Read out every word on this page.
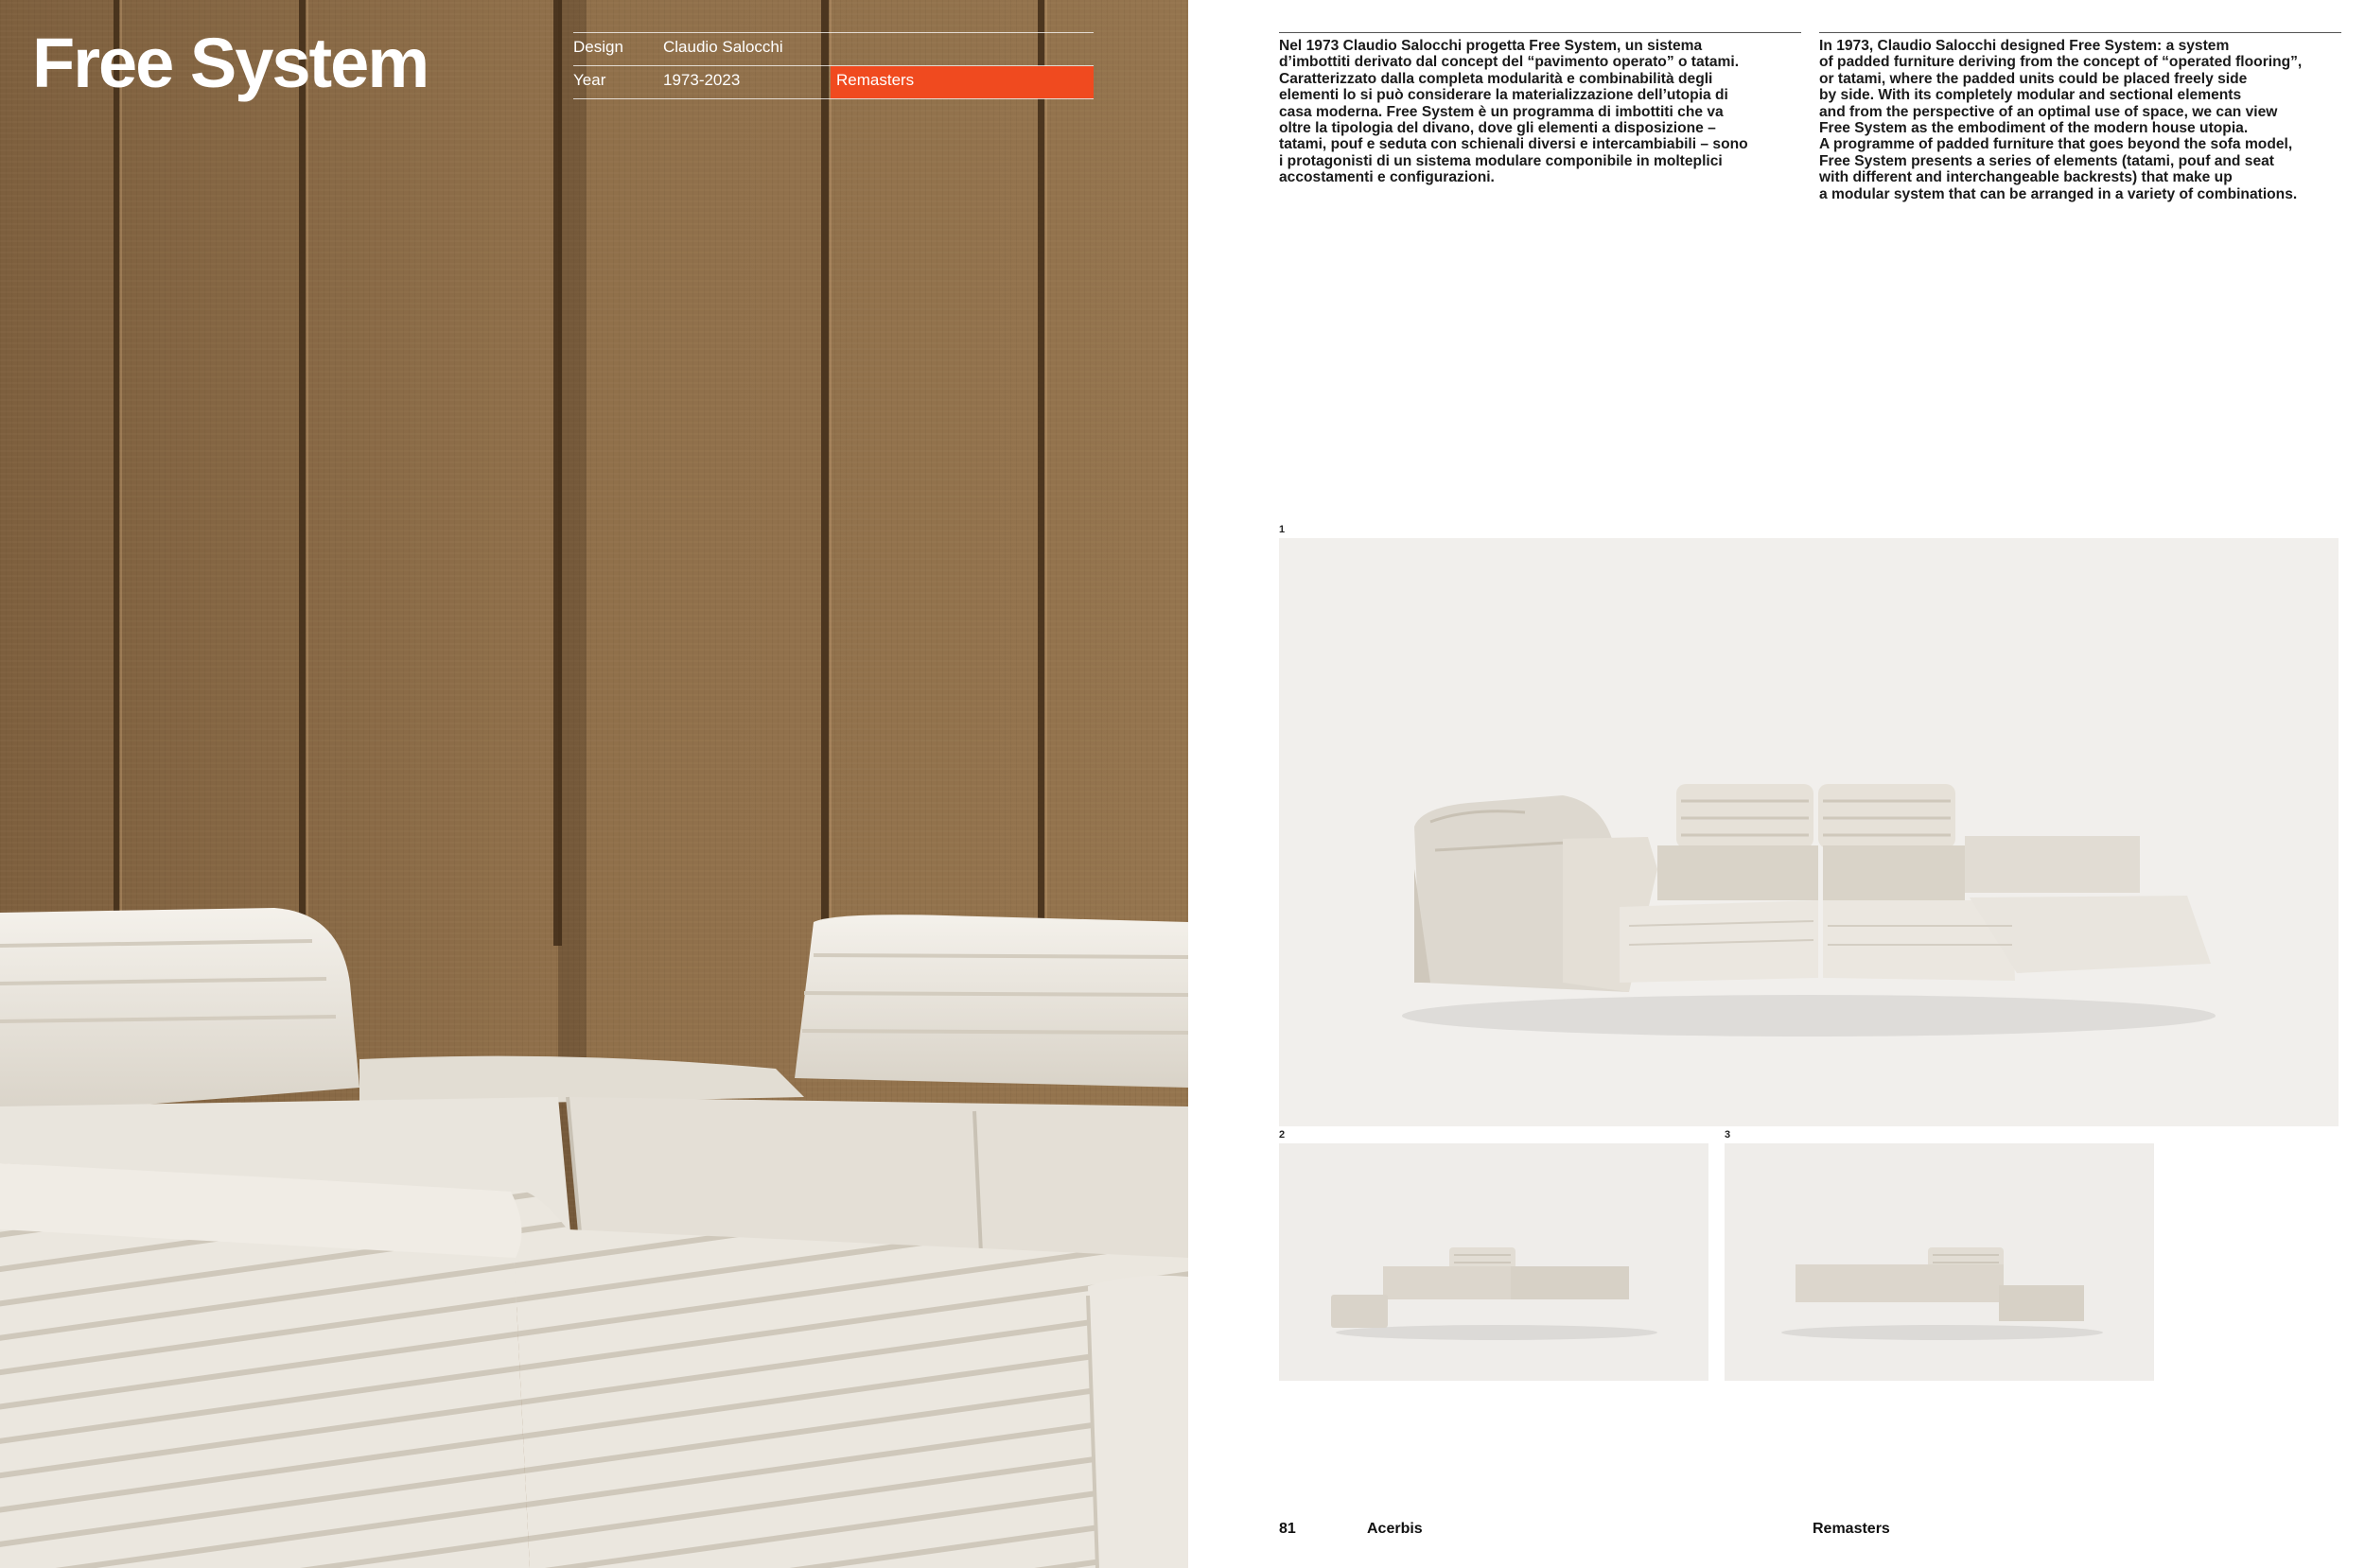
Free System	Design Claudio Salocchi
Year	1973-2023	Remasters
Nel 1973 Claudio Salocchi progetta Free System, un sistema
d’imbottiti derivato dal concept del “pavimento operato” o tatami.
Caratterizzato dalla completa modularità e combinabilità degli
elementi lo si può considerare la materializzazione dell’utopia di
casa moderna. Free System è un programma di imbottiti che va
oltre la tipologia del divano, dove gli elementi a disposizione –
tatami, pouf e seduta con schienali diversi e intercambiabili – sono
i protagonisti di un sistema modulare componibile in molteplici
accostamenti e configurazioni.
In 1973, Claudio Salocchi designed Free System: a system
of padded furniture deriving from the concept of “operated flooring”,
or tatami, where the padded units could be placed freely side
by side. With its completely modular and sectional elements
and from the perspective of an optimal use of space, we can view
Free System as the embodiment of the modern house utopia.
A programme of padded furniture that goes beyond the sofa model,
Free System presents a series of elements (tatami, pouf and seat
with different and interchangeable backrests) that make up
a modular system that can be arranged in a variety of combinations.
1
2	3
81	Acerbis	Remasters
